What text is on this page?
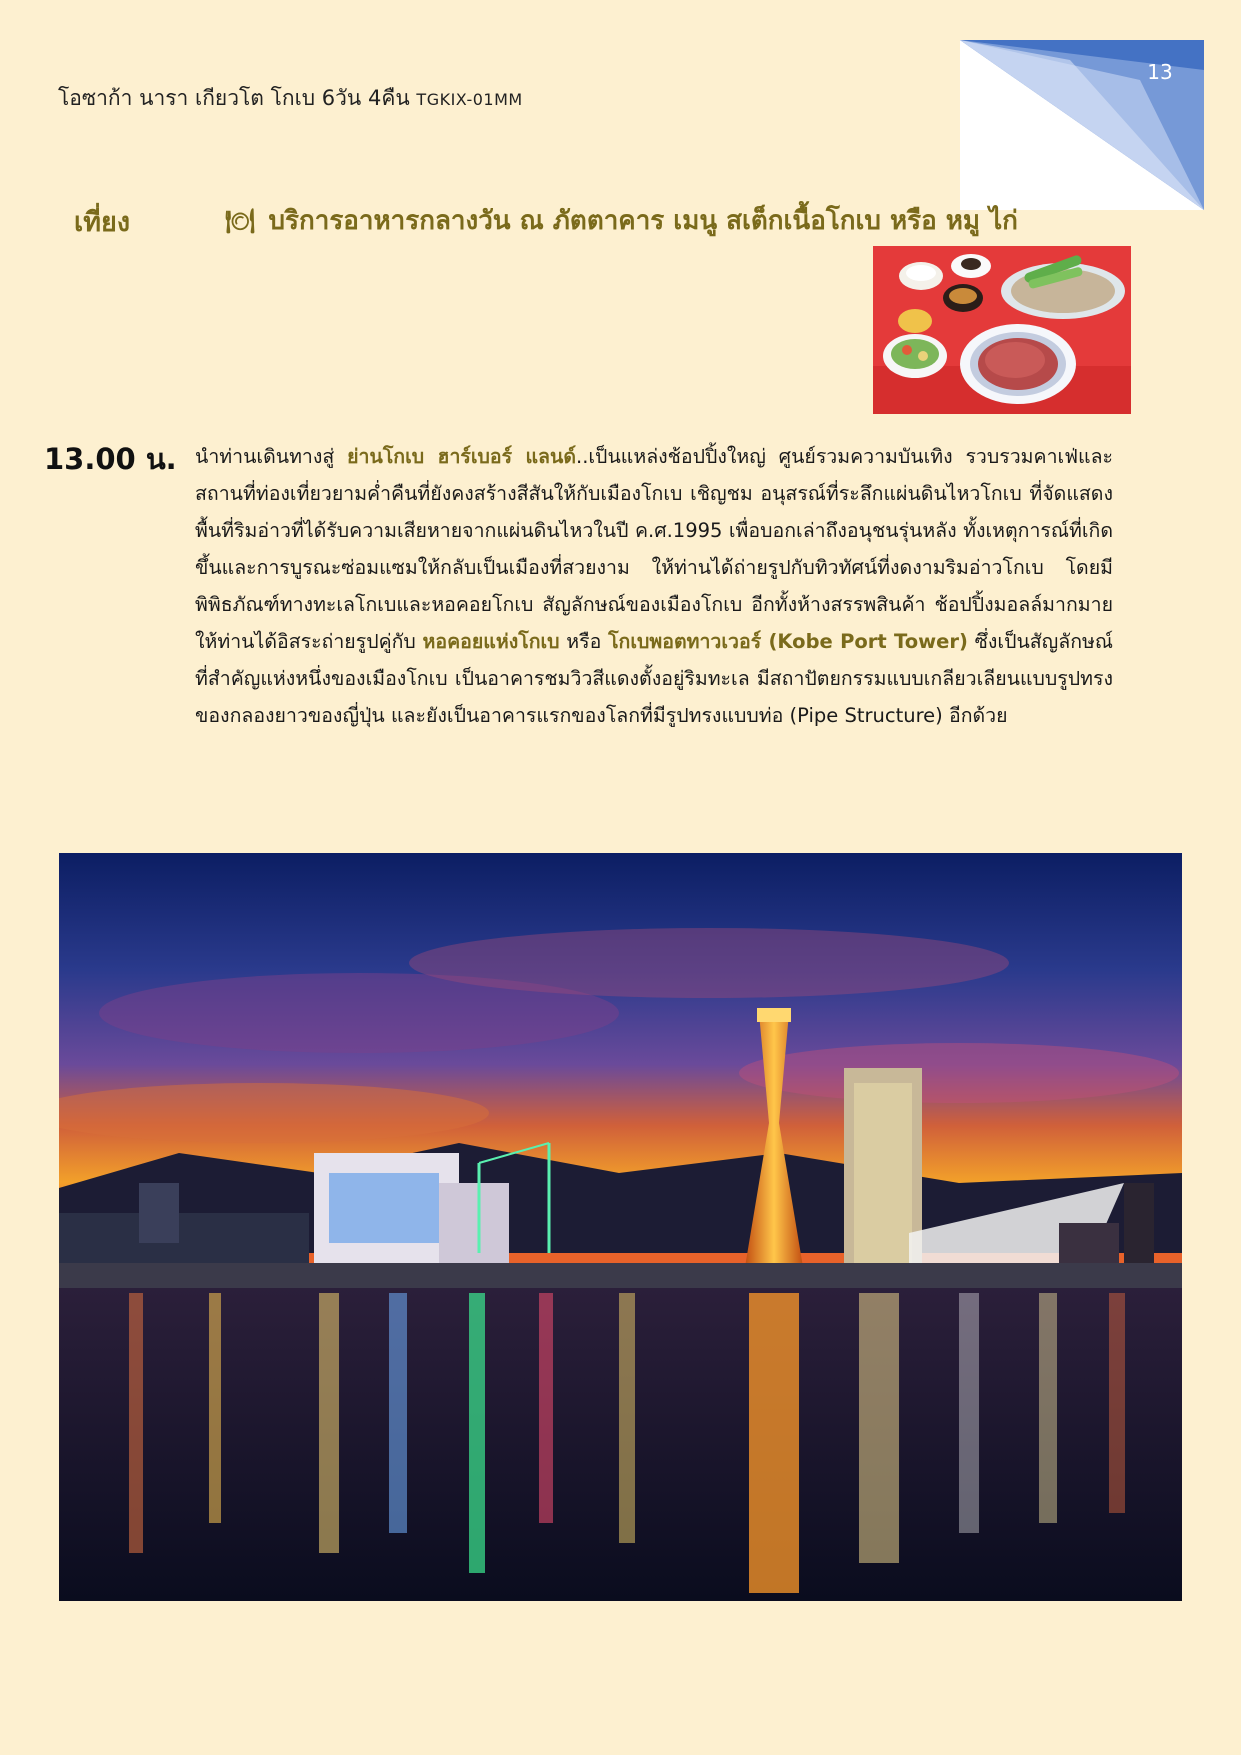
โอซาก้า นารา เกียวโต โกเบ 6วัน 4คืน TGKIX-01MM
13
เที่ยง	🍽 บริการอาหารกลางวัน ณ ภัตตาคาร เมนู สเต็กเนื้อโกเบ หรือ หมู ไก่
13.00 น. นำท่านเดินทางสู่ ย่านโกเบ ฮาร์เบอร์ แลนด์..เป็นแหล่งช้อปปิ้งใหญ่ ศูนย์รวมความบันเทิง รวบรวมคาเฟ่และสถานที่ท่องเที่ยวยามค่ำคืนที่ยังคงสร้างสีสันให้กับเมืองโกเบ เชิญชม อนุสรณ์ที่ระลึกแผ่นดินไหวโกเบ ที่จัดแสดงพื้นที่ริมอ่าวที่ได้รับความเสียหายจากแผ่นดินไหวในปี ค.ศ.1995 เพื่อบอกเล่าถึงอนุชนรุ่นหลัง ทั้งเหตุการณ์ที่เกิดขึ้นและการบูรณะซ่อมแซมให้กลับเป็นเมืองที่สวยงาม ให้ท่านได้ถ่ายรูปกับทิวทัศน์ที่งดงามริมอ่าวโกเบ โดยมีพิพิธภัณฑ์ทางทะเลโกเบและหอคอยโกเบ สัญลักษณ์ของเมืองโกเบ อีกทั้งห้างสรรพสินค้า ช้อปปิ้งมอลล์มากมาย ให้ท่านได้อิสระถ่ายรูปคู่กับ หอคอยแห่งโกเบ หรือ โกเบพอตทาวเวอร์ (Kobe Port Tower) ซึ่งเป็นสัญลักษณ์ที่สำคัญแห่งหนึ่งของเมืองโกเบ เป็นอาคารชมวิวสีแดงตั้งอยู่ริมทะเล มีสถาปัตยกรรมแบบเกลียวเลียนแบบรูปทรงของกลองยาวของญี่ปุ่น และยังเป็นอาคารแรกของโลกที่มีรูปทรงแบบท่อ (Pipe Structure) อีกด้วย
